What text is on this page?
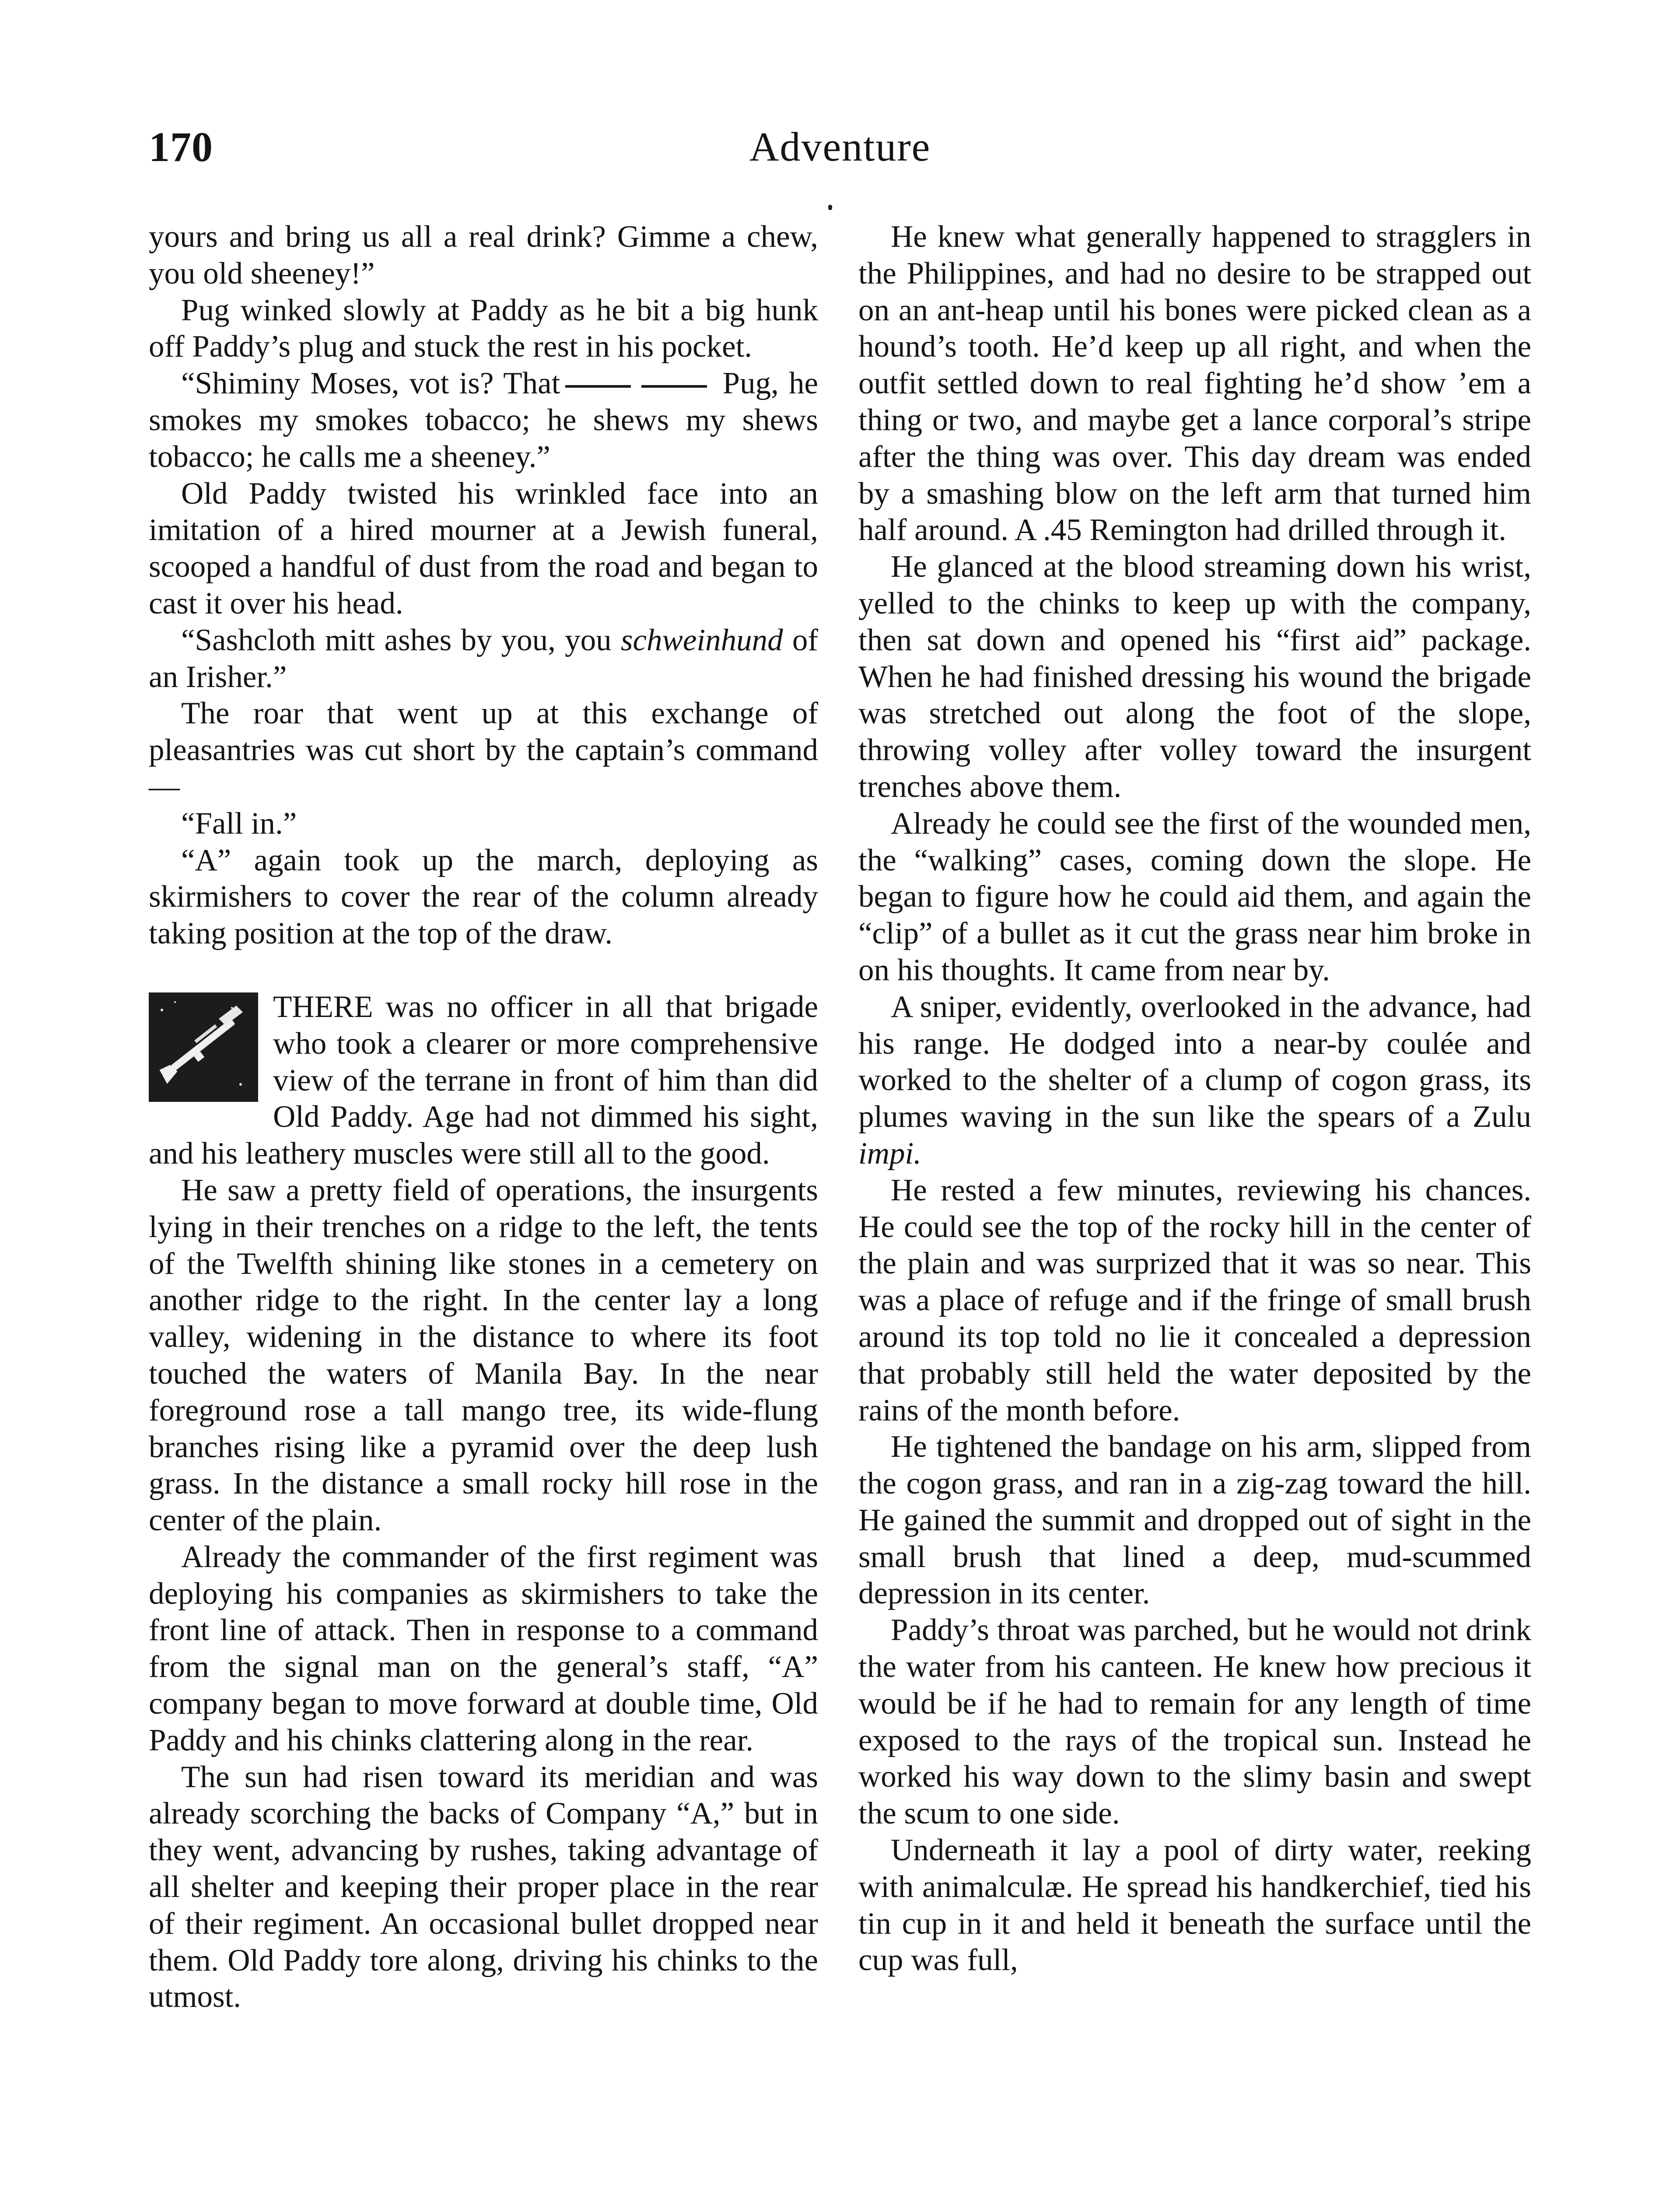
170	Adventure

yours and bring us all a real drink? Gimme a chew, you old sheeney!”

Pug winked slowly at Paddy as he bit a big hunk off Paddy’s plug and stuck the rest in his pocket.

“Shiminy Moses, vot is? That	Pug, he smokes my smokes tobacco; he shews my shews tobacco; he calls me a sheeney.”

Old Paddy twisted his wrinkled face into an imitation of a hired mourner at a Jewish funeral, scooped a handful of dust from the road and began to cast it over his head.

“Sashcloth mitt ashes by you, you schweinhund of an Irisher.”

The roar that went up at this exchange of pleasantries was cut short by the captain’s command—

“Fall in.”

“A” again took up the march, deploying as skirmishers to cover the rear of the column already taking position at the top of the draw.

THERE was no officer in all that brigade who took a clearer or more comprehensive view of the terrane in front of him than did Old Paddy. Age had not dimmed his sight, and his leathery muscles were still all to the good.

He saw a pretty field of operations, the insurgents lying in their trenches on a ridge to the left, the tents of the Twelfth shining like stones in a cemetery on another ridge to the right. In the center lay a long valley, widening in the distance to where its foot touched the waters of Manila Bay. In the near foreground rose a tall mango tree, its wide-flung branches rising like a pyramid over the deep lush grass. In the distance a small rocky hill rose in the center of the plain.

Already the commander of the first regiment was deploying his companies as skirmishers to take the front line of attack. Then in response to a command from the signal man on the general’s staff, “A” company began to move forward at double time, Old Paddy and his chinks clattering along in the rear.

The sun had risen toward its meridian and was already scorching the backs of Company “A,” but in they went, advancing by rushes, taking advantage of all shelter and keeping their proper place in the rear of their regiment. An occasional bullet dropped near them. Old Paddy tore along, driving his chinks to the utmost.

He knew what generally happened to stragglers in the Philippines, and had no desire to be strapped out on an ant-heap until his bones were picked clean as a hound’s tooth. He’d keep up all right, and when the outfit settled down to real fighting he’d show ’em a thing or two, and maybe get a lance corporal’s stripe after the thing was over. This day dream was ended by a smashing blow on the left arm that turned him half around. A .45 Remington had drilled through it.

He glanced at the blood streaming down his wrist, yelled to the chinks to keep up with the company, then sat down and opened his “first aid” package. When he had finished dressing his wound the brigade was stretched out along the foot of the slope, throwing volley after volley toward the insurgent trenches above them.

Already he could see the first of the wounded men, the “walking” cases, coming down the slope. He began to figure how he could aid them, and again the “clip” of a bullet as it cut the grass near him broke in on his thoughts. It came from near by.

A sniper, evidently, overlooked in the advance, had his range. He dodged into a near-by coulée and worked to the shelter of a clump of cogon grass, its plumes waving in the sun like the spears of a Zulu impi.

He rested a few minutes, reviewing his chances. He could see the top of the rocky hill in the center of the plain and was surprized that it was so near. This was a place of refuge and if the fringe of small brush around its top told no lie it concealed a depression that probably still held the water deposited by the rains of the month before.

He tightened the bandage on his arm, slipped from the cogon grass, and ran in a zig-zag toward the hill. He gained the summit and dropped out of sight in the small brush that lined a deep, mud-scummed depression in its center.

Paddy’s throat was parched, but he would not drink the water from his canteen. He knew how precious it would be if he had to remain for any length of time exposed to the rays of the tropical sun. Instead he worked his way down to the slimy basin and swept the scum to one side.

Underneath it lay a pool of dirty water, reeking with animalculæ. He spread his handkerchief, tied his tin cup in it and held it beneath the surface until the cup was full,
